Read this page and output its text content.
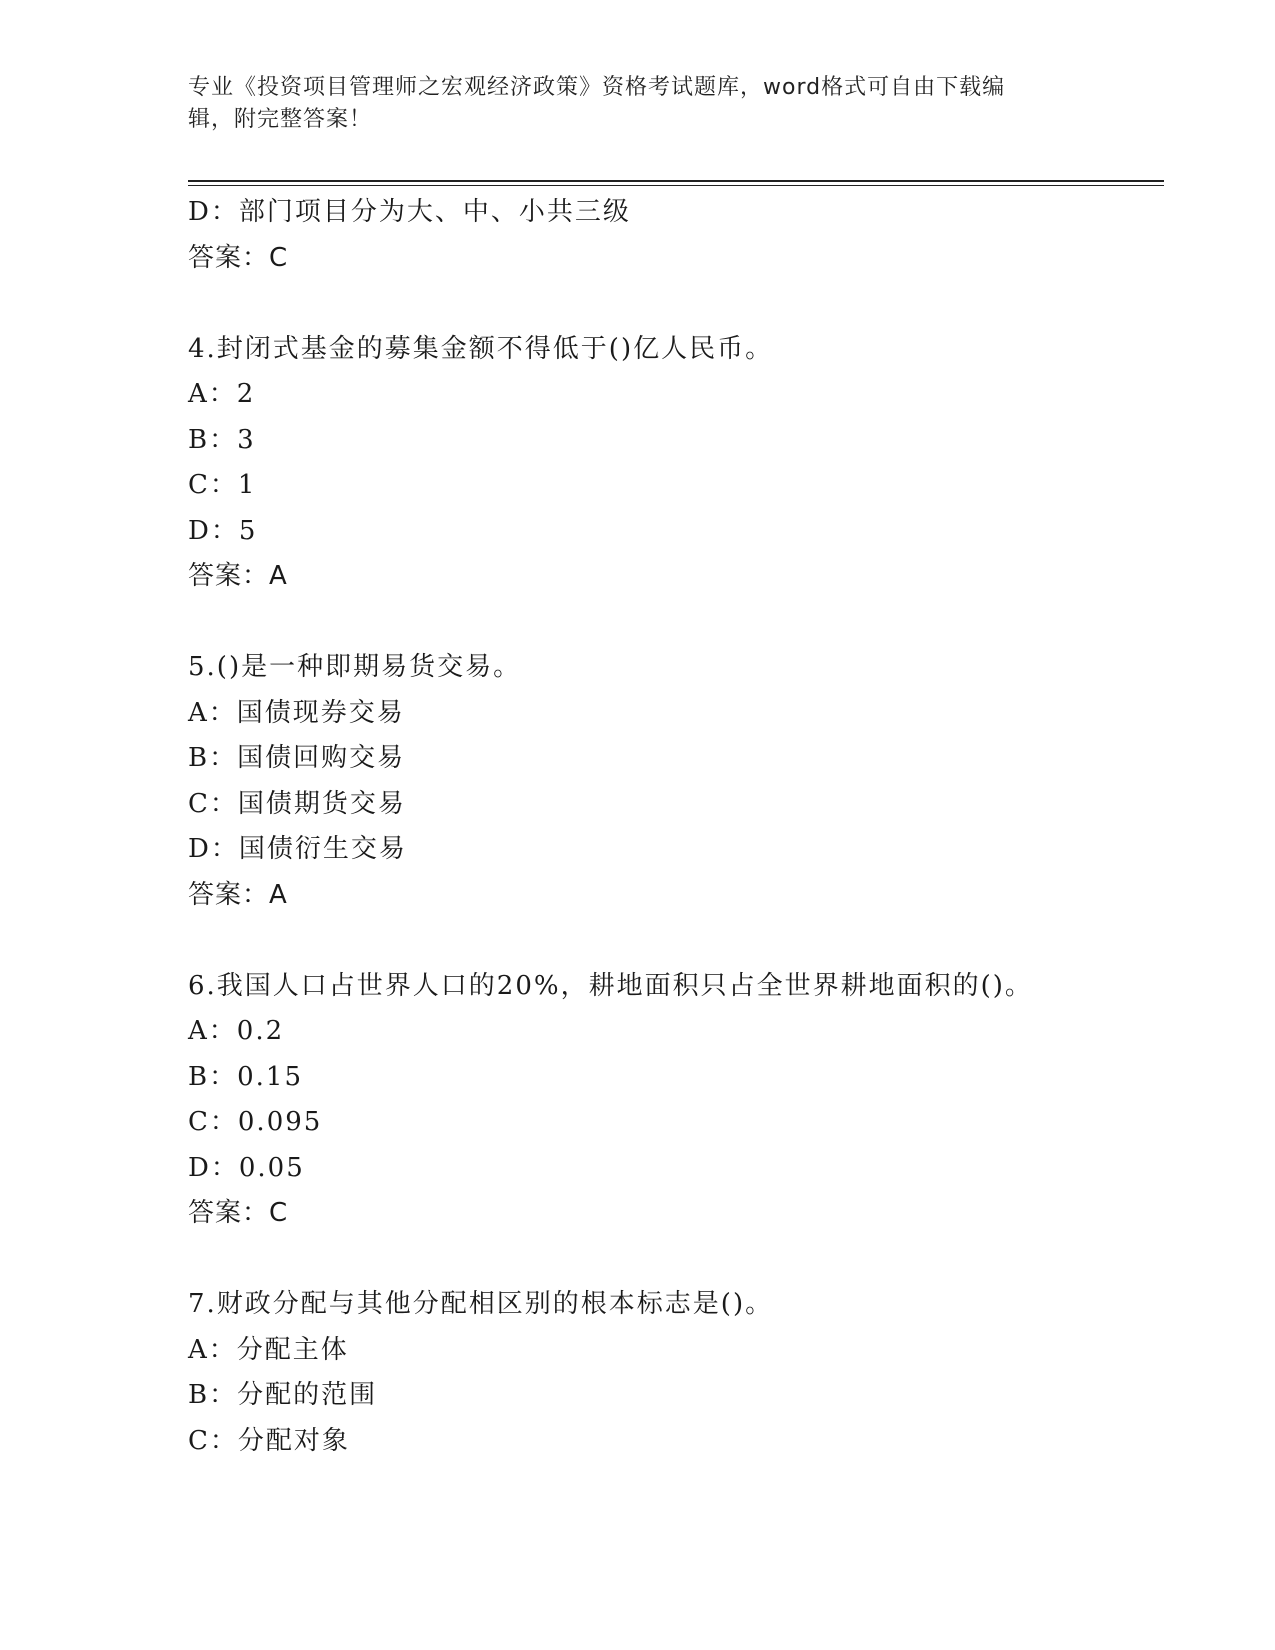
专业《投资项目管理师之宏观经济政策》资格考试题库，word格式可自由下载编
辑，附完整答案！
D：部门项目分为大、中、小共三级
答案：C
4.封闭式基金的募集金额不得低于()亿人民币。
A：2
B：3
C：1
D：5
答案：A
5.()是一种即期易货交易。
A：国债现券交易
B：国债回购交易
C：国债期货交易
D：国债衍生交易
答案：A
6.我国人口占世界人口的20%，耕地面积只占全世界耕地面积的()。
A：0.2
B：0.15
C：0.095
D：0.05
答案：C
7.财政分配与其他分配相区别的根本标志是()。
A：分配主体
B：分配的范围
C：分配对象
